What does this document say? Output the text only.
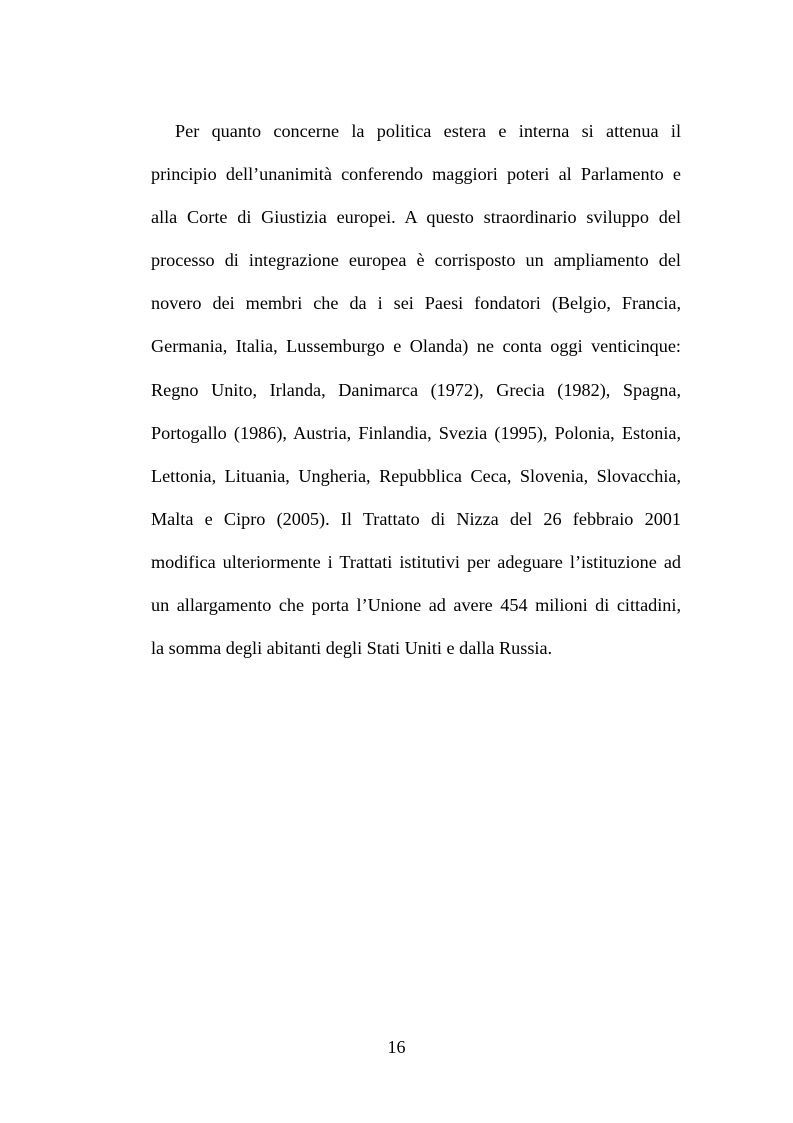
Per quanto concerne la politica estera e interna si attenua il
principio dell’unanimità conferendo maggiori poteri al Parlamento e
alla Corte di Giustizia europei. A questo straordinario sviluppo del
processo di integrazione europea è corrisposto un ampliamento del
novero dei membri che da i sei Paesi fondatori (Belgio, Francia,
Germania, Italia, Lussemburgo e Olanda) ne conta oggi venticinque:
Regno Unito, Irlanda, Danimarca (1972), Grecia (1982), Spagna,
Portogallo (1986), Austria, Finlandia, Svezia (1995), Polonia, Estonia,
Lettonia, Lituania, Ungheria, Repubblica Ceca, Slovenia, Slovacchia,
Malta e Cipro (2005). Il Trattato di Nizza del 26 febbraio 2001
modifica ulteriormente i Trattati istitutivi per adeguare l’istituzione ad
un allargamento che porta l’Unione ad avere 454 milioni di cittadini,
la somma degli abitanti degli Stati Uniti e dalla Russia.
16
